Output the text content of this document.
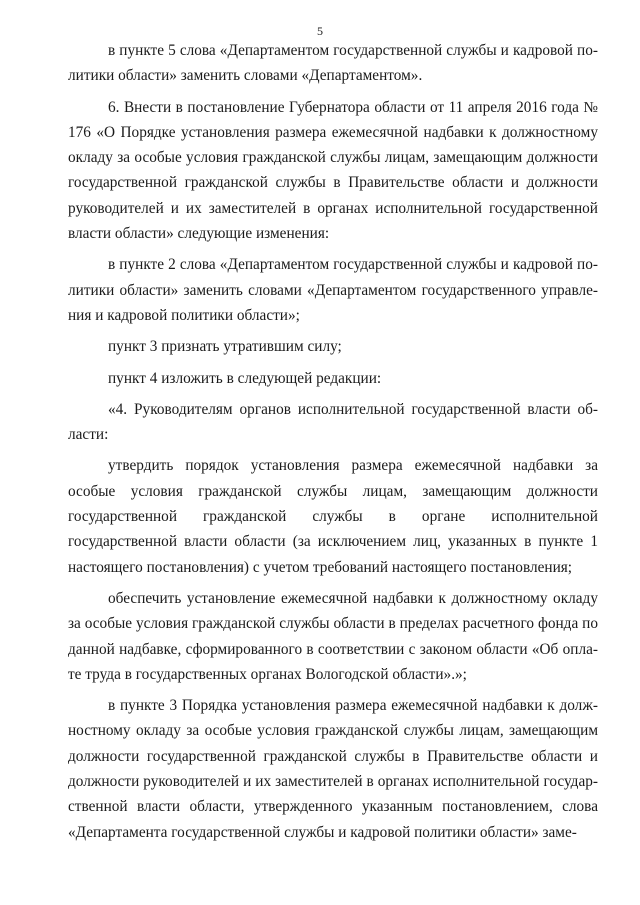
5

в пункте 5 слова «Департаментом государственной службы и кадровой политики области» заменить словами «Департаментом».

6. Внести в постановление Губернатора области от 11 апреля 2016 года № 176 «О Порядке установления размера ежемесячной надбавки к должностному окладу за особые условия гражданской службы лицам, замещающим должности государственной гражданской службы в Правительстве области и должности руководителей и их заместителей в органах исполнительной государственной власти области» следующие изменения:

в пункте 2 слова «Департаментом государственной службы и кадровой политики области» заменить словами «Департаментом государственного управления и кадровой политики области»;

пункт 3 признать утратившим силу;

пункт 4 изложить в следующей редакции:

«4. Руководителям органов исполнительной государственной власти области:

утвердить порядок установления размера ежемесячной надбавки за особые условия гражданской службы лицам, замещающим должности государственной гражданской службы в органе исполнительной государственной власти области (за исключением лиц, указанных в пункте 1 настоящего постановления) с учетом требований настоящего постановления;

обеспечить установление ежемесячной надбавки к должностному окладу за особые условия гражданской службы области в пределах расчетного фонда по данной надбавке, сформированного в соответствии с законом области «Об оплате труда в государственных органах Вологодской области».»;

в пункте 3 Порядка установления размера ежемесячной надбавки к должностному окладу за особые условия гражданской службы лицам, замещающим должности государственной гражданской службы в Правительстве области и должности руководителей и их заместителей в органах исполнительной государственной власти области, утвержденного указанным постановлением, слова «Департамента государственной службы и кадровой политики области» заме-
